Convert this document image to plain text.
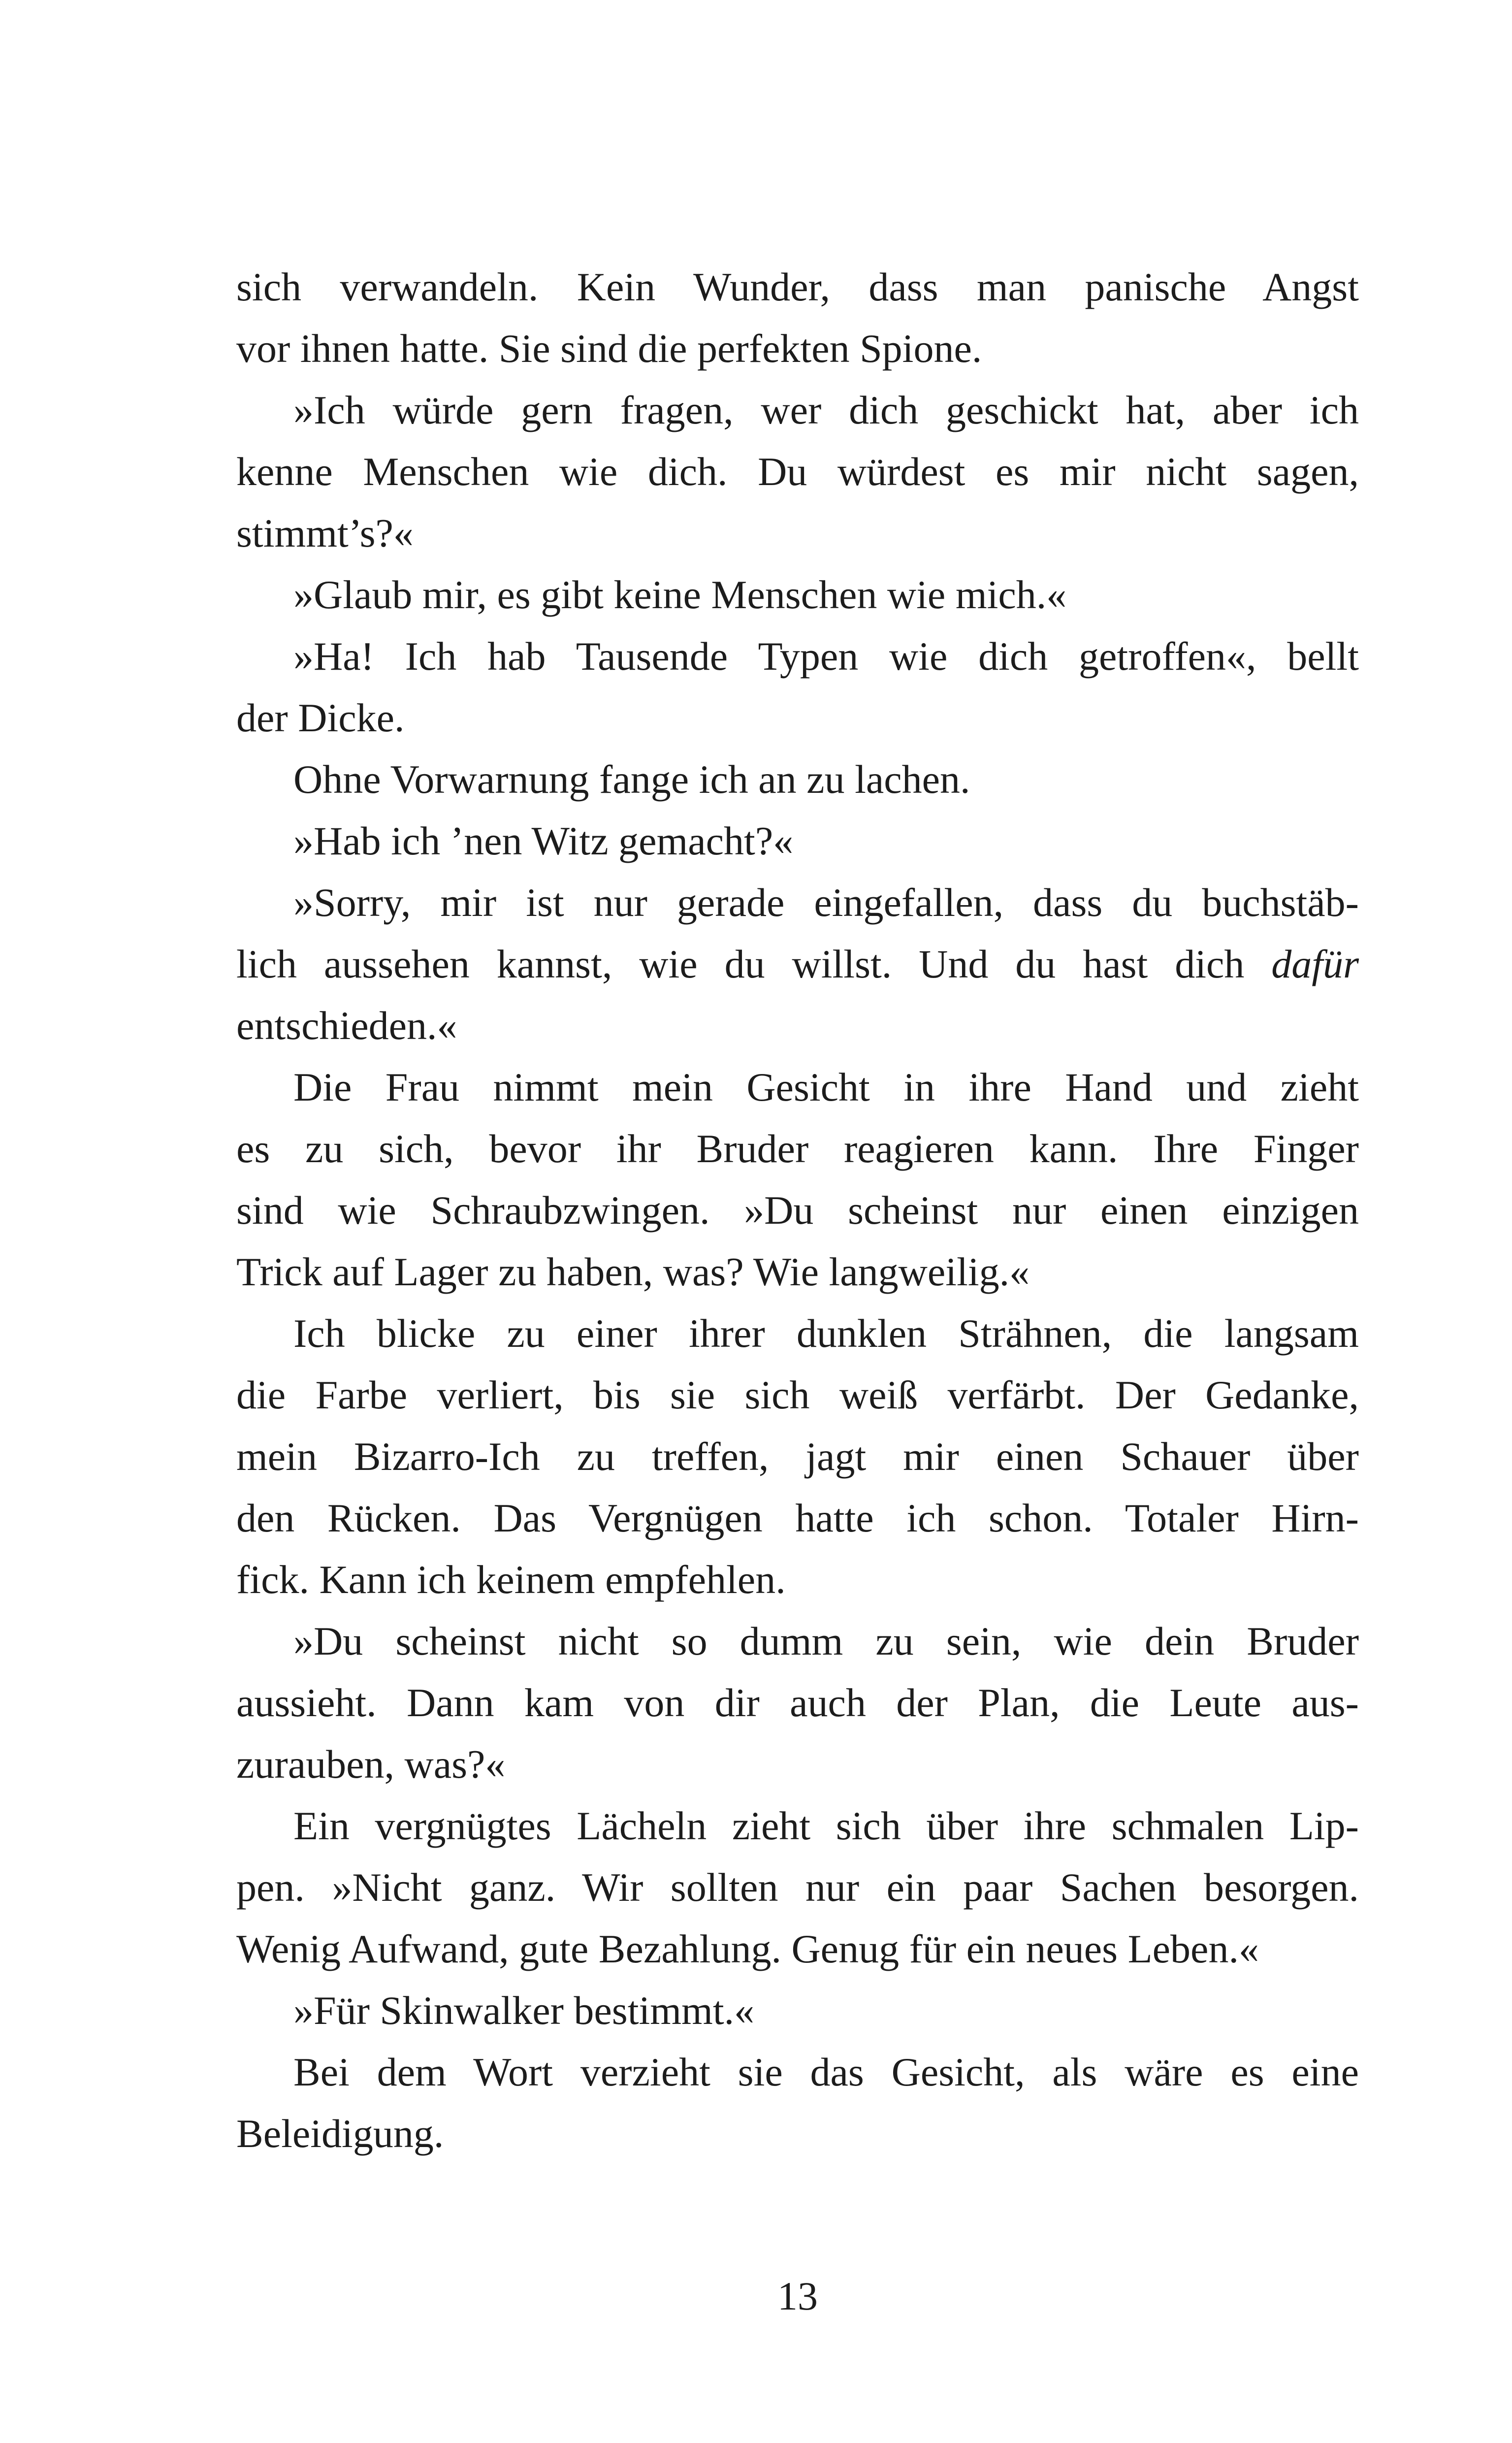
sich verwandeln. Kein Wunder, dass man panische Angst
vor ihnen hatte. Sie sind die perfekten Spione.
»Ich würde gern fragen, wer dich geschickt hat, aber ich
kenne Menschen wie dich. Du würdest es mir nicht sagen,
stimmt’s?«
»Glaub mir, es gibt keine Menschen wie mich.«
»Ha! Ich hab Tausende Typen wie dich getroffen«, bellt
der Dicke.
Ohne Vorwarnung fange ich an zu lachen.
»Hab ich ’nen Witz gemacht?«
»Sorry, mir ist nur gerade eingefallen, dass du buchstäb-
lich aussehen kannst, wie du willst. Und du hast dich dafür
entschieden.«
Die Frau nimmt mein Gesicht in ihre Hand und zieht
es zu sich, bevor ihr Bruder reagieren kann. Ihre Finger
sind wie Schraubzwingen. »Du scheinst nur einen einzigen
Trick auf Lager zu haben, was? Wie langweilig.«
Ich blicke zu einer ihrer dunklen Strähnen, die langsam
die Farbe verliert, bis sie sich weiß verfärbt. Der Gedanke,
mein Bizarro-Ich zu treffen, jagt mir einen Schauer über
den Rücken. Das Vergnügen hatte ich schon. Totaler Hirn-
fick. Kann ich keinem empfehlen.
»Du scheinst nicht so dumm zu sein, wie dein Bruder
aussieht. Dann kam von dir auch der Plan, die Leute aus-
zurauben, was?«
Ein vergnügtes Lächeln zieht sich über ihre schmalen Lip-
pen. »Nicht ganz. Wir sollten nur ein paar Sachen besorgen.
Wenig Aufwand, gute Bezahlung. Genug für ein neues Leben.«
»Für Skinwalker bestimmt.«
Bei dem Wort verzieht sie das Gesicht, als wäre es eine
Beleidigung.
13
